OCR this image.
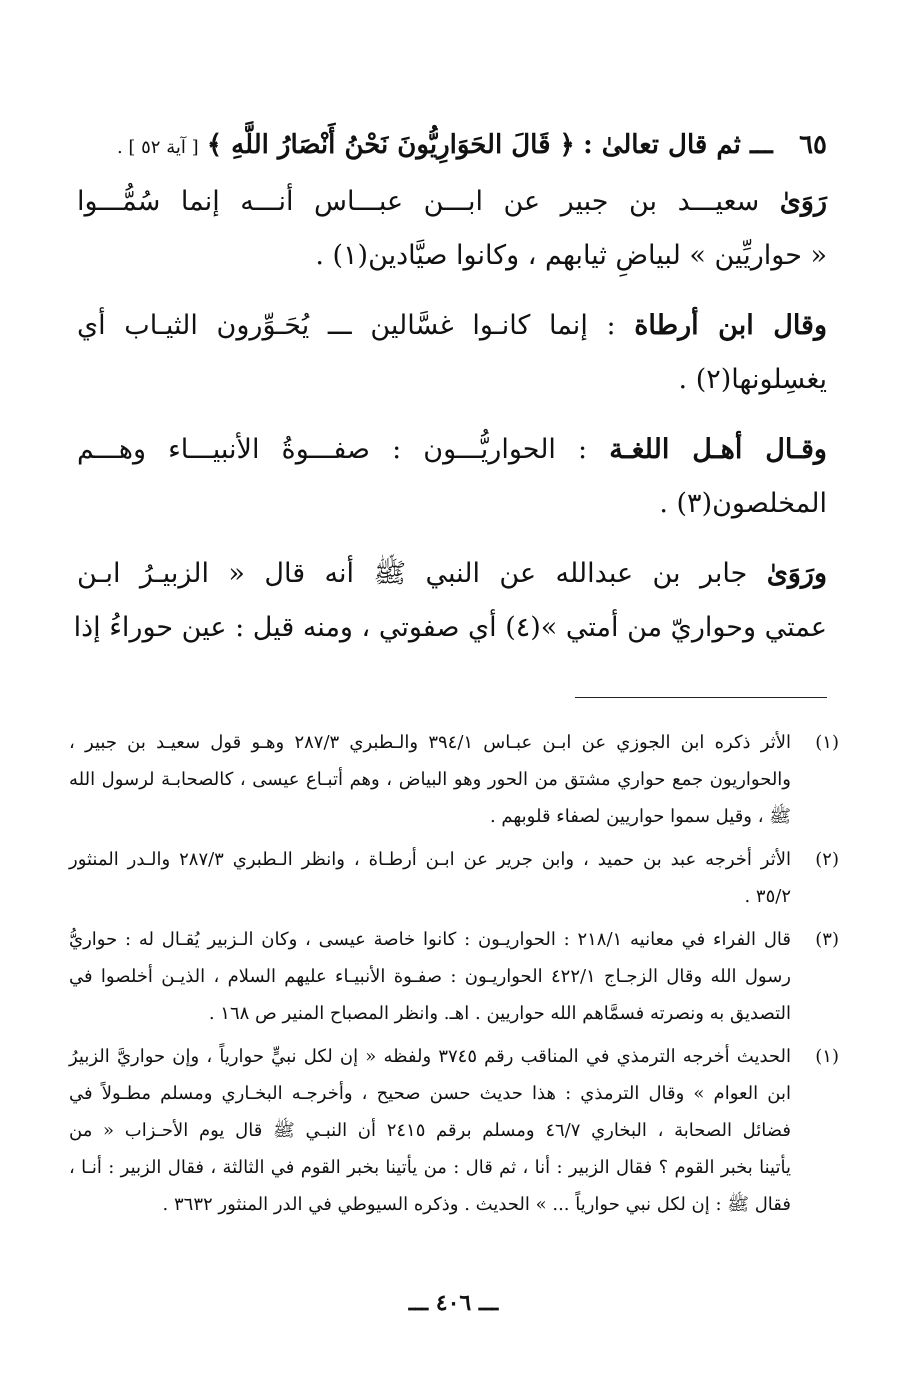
٦٥ ـــ ثم قال تعالىٰ : ﴿ قَالَ الحَوَارِيُّونَ نَحْنُ أَنْصَارُ اللَّهِ ﴾ [ آية ٥٢ ] .

رَوَىٰ سعيـــد بن جبير عن ابـــن عبـــاس أنـــه إنما سُمُّـــوا
« حواريِّين » لبياضِ ثيابهم ، وكانوا صيَّادين(١) .

وقال ابن أرطاة : إنما كانـوا غسَّالين ـــ يُحَـوِّرون الثيـاب أي
يغسِلونها(٢) .

وقـال أهـل اللغـة : الحواريُّـــون : صفـــوةُ الأنبيـــاء وهـــم
المخلصون(٣) .

ورَوَىٰ جابر بن عبدالله عن النبي ﷺ أنه قال « الزبيـرُ ابـن
عمتي وحواريّ من أمتي »(٤) أي صفوتي ، ومنه قيل : عين حوراءُ إذا

(١)
الأثر ذكره ابن الجوزي عن ابـن عبـاس ٣٩٤/١ والـطبري ٢٨٧/٣ وهـو قول سعيـد بن جبير ،
والحواريون جمع حواري مشتق من الحور وهو البياض ، وهم أتبـاع عيسى ، كالصحابـة لرسول الله
ﷺ ، وقيل سموا حواريين لصفاء قلوبهم .
(٢)
الأثر أخرجه عبد بن حميد ، وابن جرير عن ابـن أرطـاة ، وانظر الـطبري ٢٨٧/٣ والـدر المنثور
٣٥/٢ .
(٣)
قال الفراء في معانيه ٢١٨/١ : الحواريـون : كانوا خاصة عيسى ، وكان الـزبير يُقـال له : حواريُّ
رسول الله وقال الزجـاج ٤٢٢/١ الحواريـون : صفـوة الأنبيـاء عليهم السلام ، الذيـن أخلصوا في
التصديق به ونصرته فسمَّاهم الله حواريين . اهـ. وانظر المصباح المنير ص ١٦٨ .
(١)
الحديث أخرجه الترمذي في المناقب رقم ٣٧٤٥ ولفظه « إن لكل نبيٍّ حوارياً ، وإن حواريَّ الزبيرُ
ابن العوام » وقال الترمذي : هذا حديث حسن صحيح ، وأخرجـه البخـاري ومسلم مطـولاً في
فضائل الصحابة ، البخاري ٤٦/٧ ومسلم برقم ٢٤١٥ أن النبـي ﷺ قال يوم الأحـزاب « من
يأتينا بخبر القوم ؟ فقال الزبير : أنا ، ثم قال : من يأتينا بخبر القوم في الثالثة ، فقال الزبير : أنـا ،
فقال ﷺ : إن لكل نبي حوارياً ... » الحديث . وذكره السيوطي في الدر المنثور ٣٦٣٢ .
ـــ ٤٠٦ ـــ
